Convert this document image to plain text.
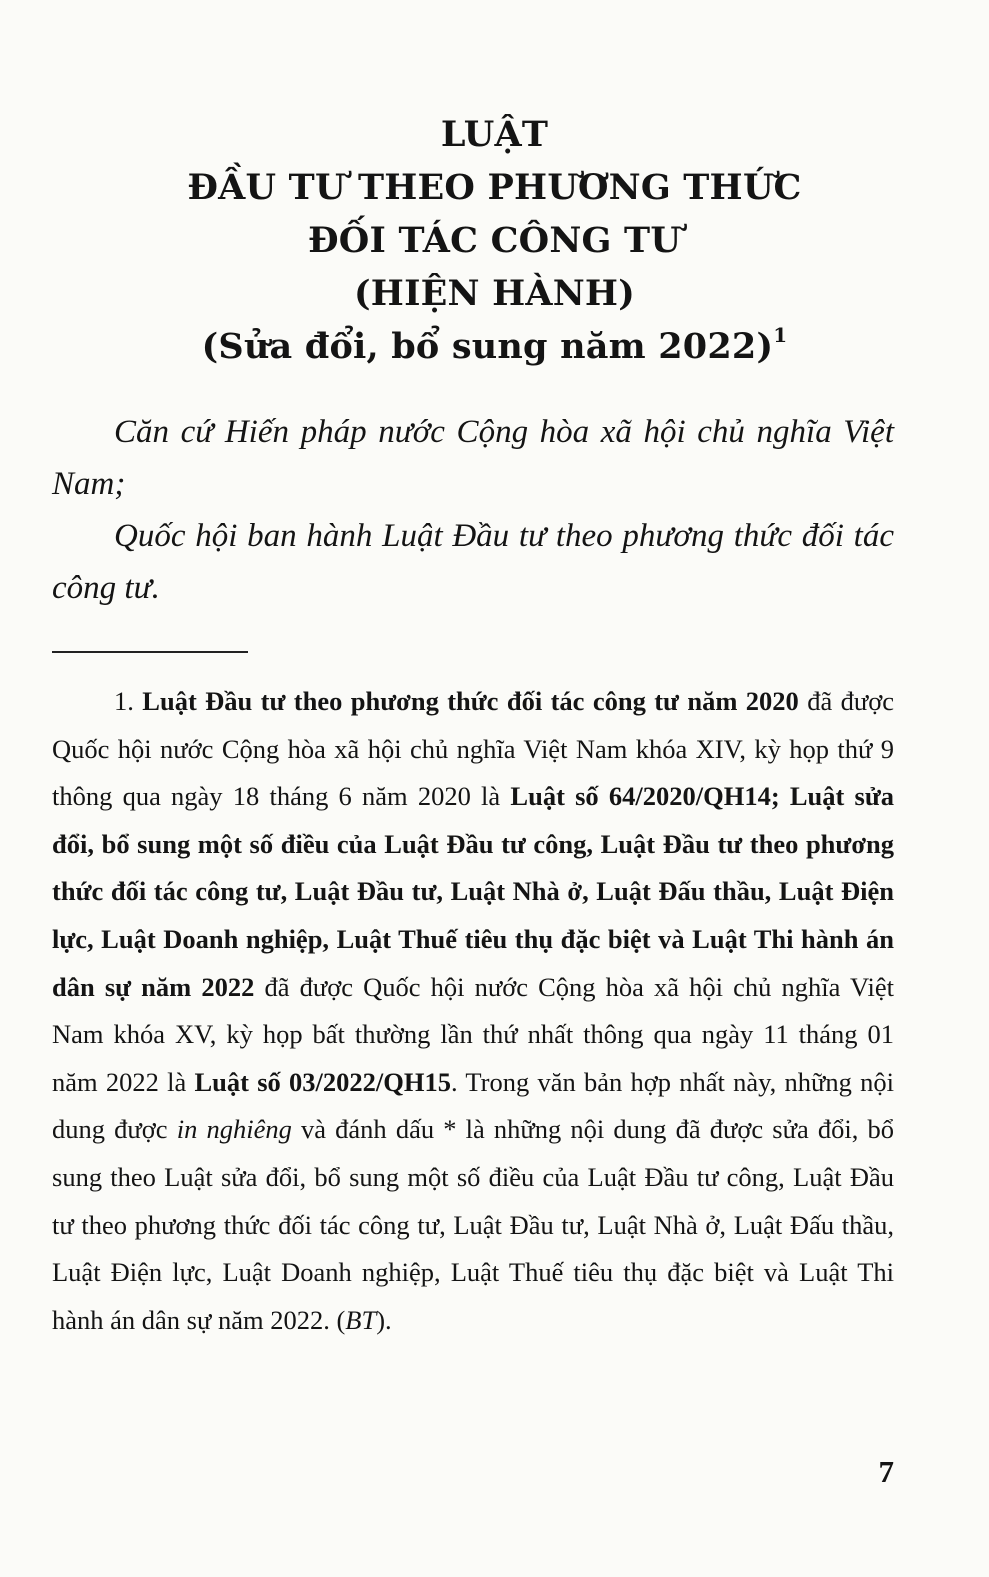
LUẬT
ĐẦU TƯ THEO PHƯƠNG THỨC
ĐỐI TÁC CÔNG TƯ
(HIỆN HÀNH)
(Sửa đổi, bổ sung năm 2022)$^1$

Căn cứ Hiến pháp nước Cộng hòa xã hội chủ nghĩa Việt Nam;

Quốc hội ban hành Luật Đầu tư theo phương thức đối tác công tư.

1. Luật Đầu tư theo phương thức đối tác công tư năm 2020 đã được Quốc hội nước Cộng hòa xã hội chủ nghĩa Việt Nam khóa XIV, kỳ họp thứ 9 thông qua ngày 18 tháng 6 năm 2020 là Luật số 64/2020/QH14; Luật sửa đổi, bổ sung một số điều của Luật Đầu tư công, Luật Đầu tư theo phương thức đối tác công tư, Luật Đầu tư, Luật Nhà ở, Luật Đấu thầu, Luật Điện lực, Luật Doanh nghiệp, Luật Thuế tiêu thụ đặc biệt và Luật Thi hành án dân sự năm 2022 đã được Quốc hội nước Cộng hòa xã hội chủ nghĩa Việt Nam khóa XV, kỳ họp bất thường lần thứ nhất thông qua ngày 11 tháng 01 năm 2022 là Luật số 03/2022/QH15. Trong văn bản hợp nhất này, những nội dung được in nghiêng và đánh dấu * là những nội dung đã được sửa đổi, bổ sung theo Luật sửa đổi, bổ sung một số điều của Luật Đầu tư công, Luật Đầu tư theo phương thức đối tác công tư, Luật Đầu tư, Luật Nhà ở, Luật Đấu thầu, Luật Điện lực, Luật Doanh nghiệp, Luật Thuế tiêu thụ đặc biệt và Luật Thi hành án dân sự năm 2022. (BT).
7
